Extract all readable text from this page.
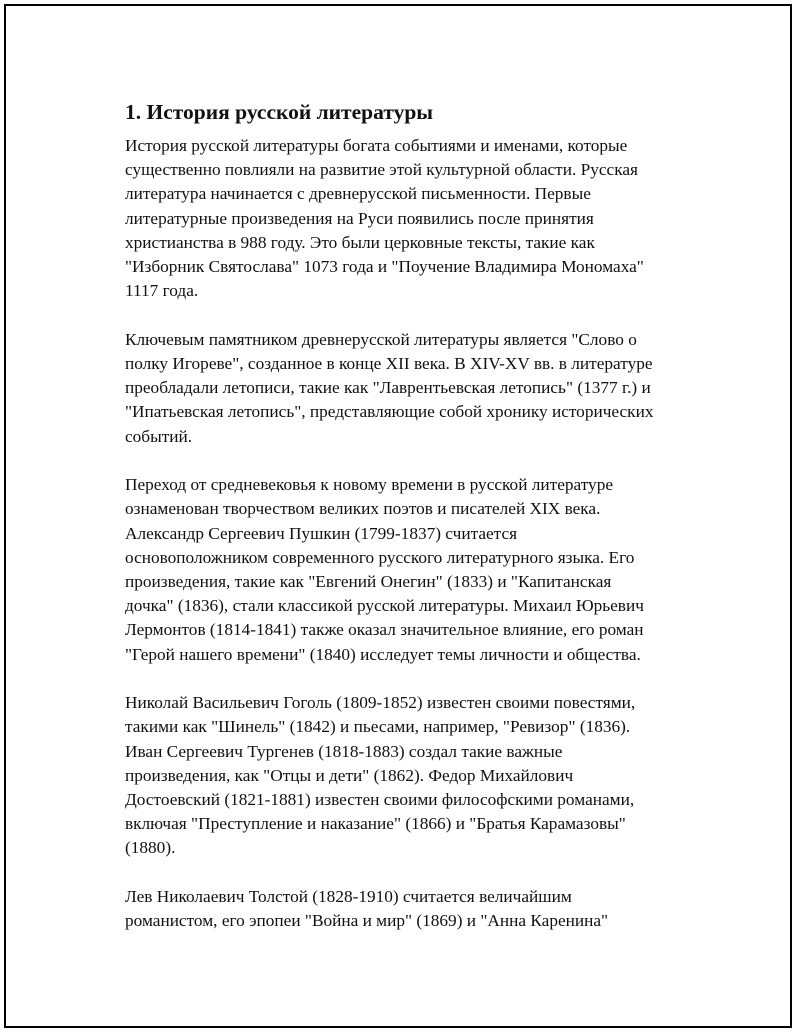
1. История русской литературы

История русской литературы богата событиями и именами, которые
существенно повлияли на развитие этой культурной области. Русская
литература начинается с древнерусской письменности. Первые
литературные произведения на Руси появились после принятия
христианства в 988 году. Это были церковные тексты, такие как
"Изборник Святослава" 1073 года и "Поучение Владимира Мономаха"
1117 года.

Ключевым памятником древнерусской литературы является "Слово о
полку Игореве", созданное в конце XII века. В XIV-XV вв. в литературе
преобладали летописи, такие как "Лаврентьевская летопись" (1377 г.) и
"Ипатьевская летопись", представляющие собой хронику исторических
событий.

Переход от средневековья к новому времени в русской литературе
ознаменован творчеством великих поэтов и писателей XIX века.
Александр Сергеевич Пушкин (1799-1837) считается
основоположником современного русского литературного языка. Его
произведения, такие как "Евгений Онегин" (1833) и "Капитанская
дочка" (1836), стали классикой русской литературы. Михаил Юрьевич
Лермонтов (1814-1841) также оказал значительное влияние, его роман
"Герой нашего времени" (1840) исследует темы личности и общества.

Николай Васильевич Гоголь (1809-1852) известен своими повестями,
такими как "Шинель" (1842) и пьесами, например, "Ревизор" (1836).
Иван Сергеевич Тургенев (1818-1883) создал такие важные
произведения, как "Отцы и дети" (1862). Федор Михайлович
Достоевский (1821-1881) известен своими философскими романами,
включая "Преступление и наказание" (1866) и "Братья Карамазовы"
(1880).

Лев Николаевич Толстой (1828-1910) считается величайшим
романистом, его эпопеи "Война и мир" (1869) и "Анна Каренина"
